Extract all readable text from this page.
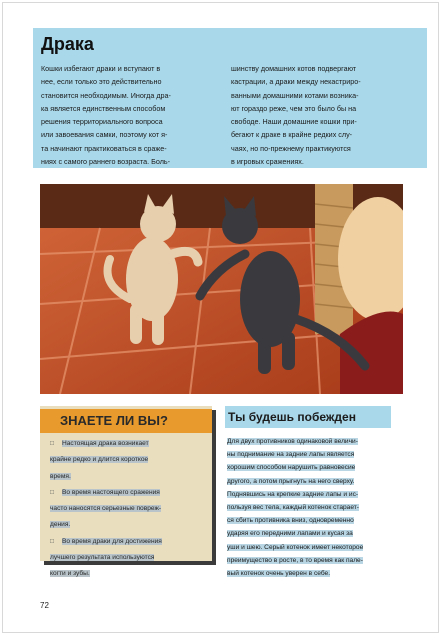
Драка
Кошки избегают драки и вступают в
нее, если только это действительно
становится необходимым. Иногда дра-
ка является единственным способом
решения территориального вопроса
или завоевания самки, поэтому кот я-
та начинают практиковаться в сраже-
ниях с самого раннего возраста. Боль-
шинству домашних котов подвергают
кастрации, а драки между некастриро-
ванными домашними котами возника-
ют гораздо реже, чем это было бы на
свободе. Наши домашние кошки при-
бегают к драке в крайне редких слу-
чаях, но по-прежнему практикуются
в игровых сражениях.
ЗНАЕТЕ ЛИ ВЫ?
□ Настоящая драка возникает
крайне редко и длится короткое
время.
□ Во время настоящего сражения
часто наносятся серьезные повреж-
дения.
□ Во время драки для достижения
лучшего результата используются
когти и зубы.
Ты будешь побежден
Для двух противников одинаковой величи-
ны поднимание на задние лапы является
хорошим способом нарушить равновесие
другого, а потом прыгнуть на него сверху.
Поднявшись на крепкие задние лапы и ис-
пользуя вес тела, каждый котенок старает-
ся сбить противника вниз, одновременно
ударяя его передними лапами и кусая за
уши и шею. Серый котенок имеет некоторое
преимущество в росте, в то время как пале-
вый котенок очень уверен в себе.
72
